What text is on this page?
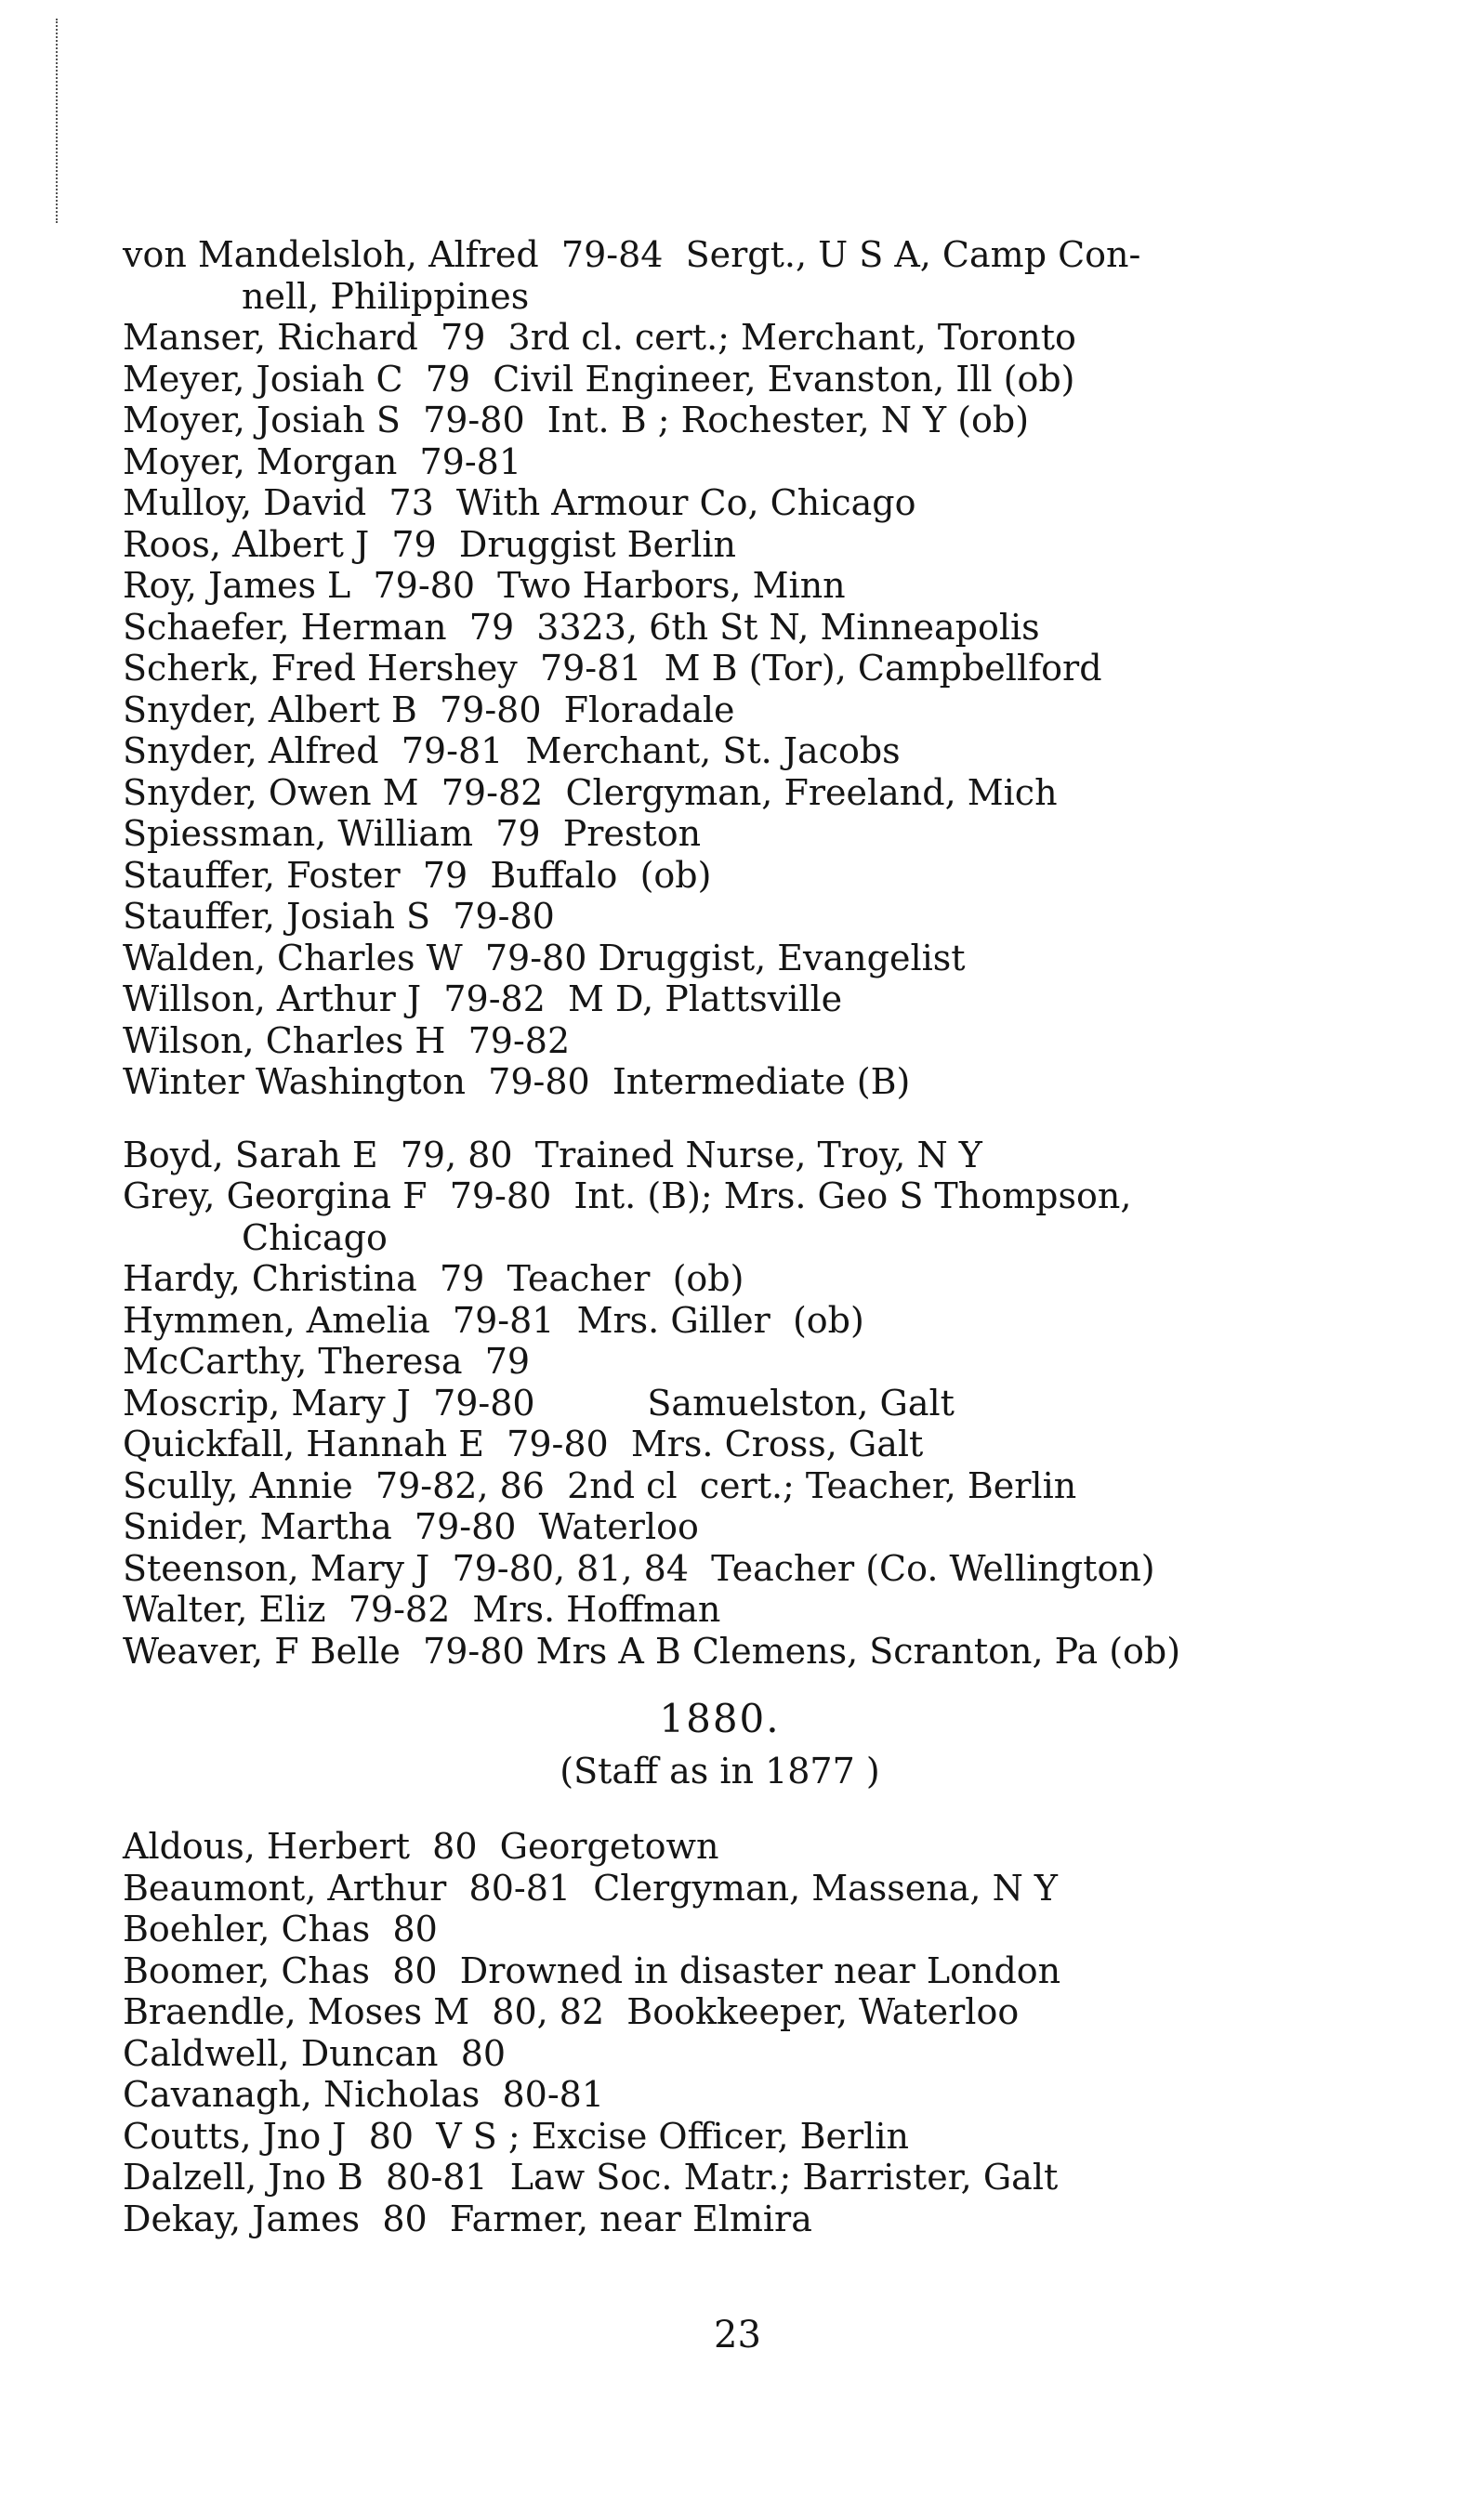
von Mandelsloh, Alfred 79-84  Sergt., U S A, Camp Con-
nell, Philippines
Manser, Richard 79  3rd cl. cert.; Merchant, Toronto
Meyer, Josiah C 79  Civil Engineer, Evanston, Ill (ob)
Moyer, Josiah S 79-80  Int. B ; Rochester, N Y (ob)
Moyer, Morgan 79-81
Mulloy, David 73  With Armour Co, Chicago
Roos, Albert J 79  Druggist Berlin
Roy, James L 79-80  Two Harbors, Minn
Schaefer, Herman 79  3323, 6th St N, Minneapolis
Scherk, Fred Hershey 79-81  M B (Tor), Campbellford
Snyder, Albert B 79-80  Floradale
Snyder, Alfred 79-81  Merchant, St. Jacobs
Snyder, Owen M 79-82  Clergyman, Freeland, Mich
Spiessman, William 79  Preston
Stauffer, Foster 79  Buffalo  (ob)
Stauffer, Josiah S 79-80
Walden, Charles W 79-80 Druggist, Evangelist
Willson, Arthur J 79-82  M D, Plattsville
Wilson, Charles H 79-82
Winter Washington 79-80  Intermediate (B)
Boyd, Sarah E 79, 80  Trained Nurse, Troy, N Y
Grey, Georgina F 79-80  Int. (B); Mrs. Geo S Thompson,
Chicago
Hardy, Christina 79  Teacher  (ob)
Hymmen, Amelia 79-81  Mrs. Giller  (ob)
McCarthy, Theresa 79
Moscrip, Mary J 79-80          Samuelston, Galt
Quickfall, Hannah E 79-80  Mrs. Cross, Galt
Scully, Annie 79-82, 86  2nd cl  cert.; Teacher, Berlin
Snider, Martha 79-80  Waterloo
Steenson, Mary J 79-80, 81, 84  Teacher (Co. Wellington)
Walter, Eliz 79-82  Mrs. Hoffman
Weaver, F Belle 79-80 Mrs A B Clemens, Scranton, Pa (ob)
1880.
(Staff as in 1877 )
Aldous, Herbert 80  Georgetown
Beaumont, Arthur 80-81  Clergyman, Massena, N Y
Boehler, Chas 80
Boomer, Chas 80  Drowned in disaster near London
Braendle, Moses M 80, 82  Bookkeeper, Waterloo
Caldwell, Duncan 80
Cavanagh, Nicholas 80-81
Coutts, Jno J 80  V S ; Excise Officer, Berlin
Dalzell, Jno B 80-81  Law Soc. Matr.; Barrister, Galt
Dekay, James 80  Farmer, near Elmira
23
